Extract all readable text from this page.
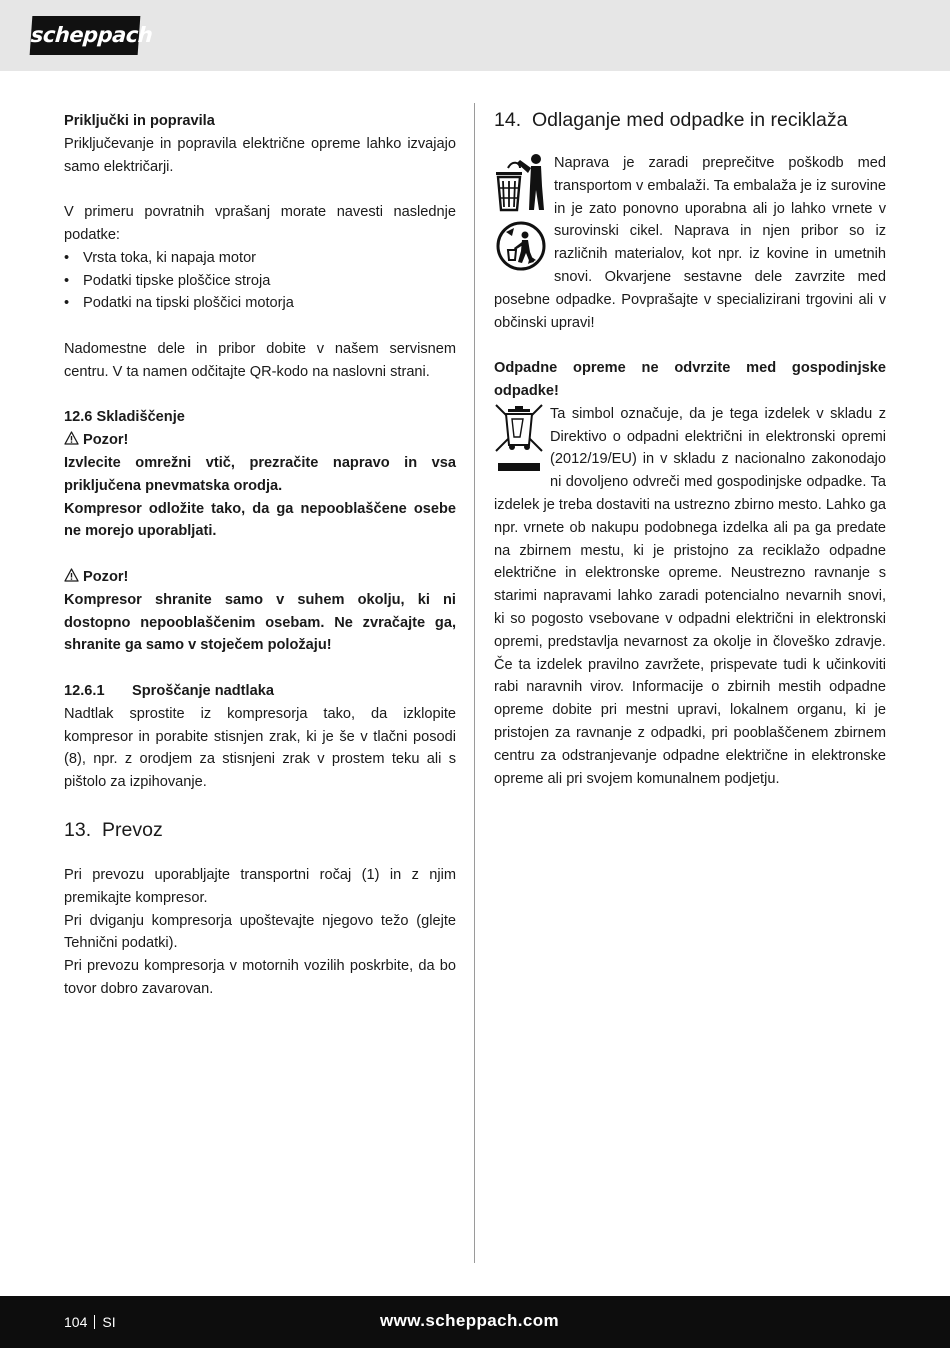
scheppach

Priključki in popravila

Priključevanje in popravila električne opreme lahko izvajajo samo električarji.

V primeru povratnih vprašanj morate navesti naslednje podatke:

• Vrsta toka, ki napaja motor
• Podatki tipske ploščice stroja
• Podatki na tipski ploščici motorja

Nadomestne dele in pribor dobite v našem servisnem centru. V ta namen odčitajte QR-kodo na naslovni strani.

12.6 Skladiščenje

Pozor!

Izvlecite omrežni vtič, prezračite napravo in vsa priključena pnevmatska orodja.

Kompresor odložite tako, da ga nepooblaščene osebe ne morejo uporabljati.

Pozor!

Kompresor shranite samo v suhem okolju, ki ni dostopno nepooblaščenim osebam. Ne zvračajte ga, shranite ga samo v stoječem položaju!

12.6.1 Sproščanje nadtlaka

Nadtlak sprostite iz kompresorja tako, da izklopite kompresor in porabite stisnjen zrak, ki je še v tlačni posodi (8), npr. z orodjem za stisnjeni zrak v prostem teku ali s pištolo za izpihovanje.

13. Prevoz

Pri prevozu uporabljajte transportni ročaj (1) in z njim premikajte kompresor.

Pri dviganju kompresorja upoštevajte njegovo težo (glejte Tehnični podatki).

Pri prevozu kompresorja v motornih vozilih poskrbite, da bo tovor dobro zavarovan.

14. Odlaganje med odpadke in reciklaža

Naprava je zaradi preprečitve poškodb med transportom v embalaži. Ta embalaža je iz surovine in je zato ponovno uporabna ali jo lahko vrnete v surovinski cikel. Naprava in njen pribor so iz različnih materialov, kot npr. iz kovine in umetnih snovi. Okvarjene sestavne dele zavrzite med posebne odpadke. Povprašajte v specializirani trgovini ali v občinski upravi!

Odpadne opreme ne odvrzite med gospodinjske odpadke!

Ta simbol označuje, da je tega izdelek v skladu z Direktivo o odpadni električni in elektronski opremi (2012/19/EU) in v skladu z nacionalno zakonodajo ni dovoljeno odvreči med gospodinjske odpadke. Ta izdelek je treba dostaviti na ustrezno zbirno mesto. Lahko ga npr. vrnete ob nakupu podobnega izdelka ali pa ga predate na zbirnem mestu, ki je pristojno za reciklažo odpadne električne in elektronske opreme. Neustrezno ravnanje s starimi napravami lahko zaradi potencialno nevarnih snovi, ki so pogosto vsebovane v odpadni električni in elektronski opremi, predstavlja nevarnost za okolje in človeško zdravje. Če ta izdelek pravilno zavržete, prispevate tudi k učinkoviti rabi naravnih virov. Informacije o zbirnih mestih odpadne opreme dobite pri mestni upravi, lokalnem organu, ki je pristojen za ravnanje z odpadki, pri pooblaščenem zbirnem centru za odstranjevanje odpadne električne in elektronske opreme ali pri svojem komunalnem podjetju.

104 SI	www.scheppach.com
